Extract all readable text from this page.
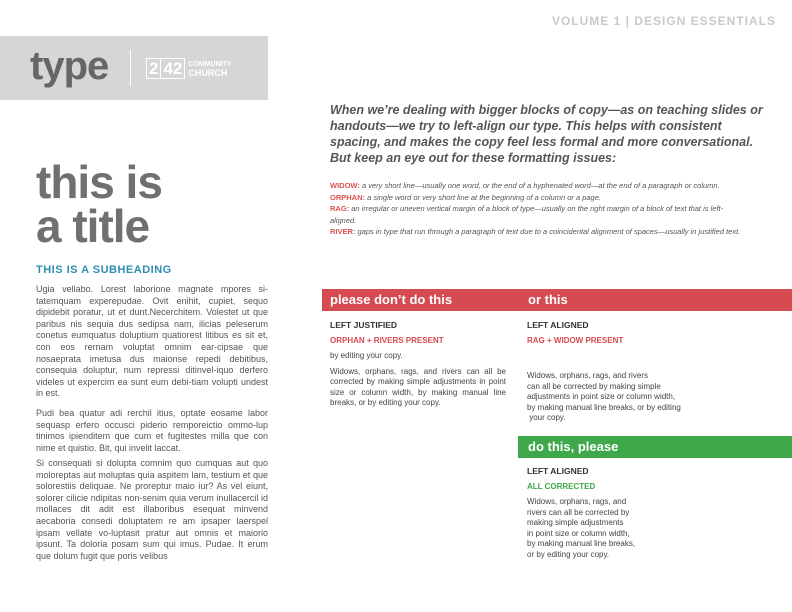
VOLUME 1 | DESIGN ESSENTIALS
type 2 42 COMMUNITY
CHURCH
this is
a title
THIS IS A SUBHEADING

Ugia vellabo. Lorest laborione magnate mpores si-tatemquam experepudae. Ovit enihit, cupiet, sequo dipidebit poratur, ut et dunt.Necerchitem. Volestet ut que paribus nis sequia dus sedipsa nam, ilicias peleserum conetus eumquatus doluptium quatiorest litibus es sit et, con eos rernam voluptat omnim ear-cipsae que nosaeprata imetusa dus maionse repedi debitibus, consequia doluptur, num repressi ditinvel-iquo derfero videles ut expercim ea sunt eum debi-tiam volupti undest in est.

Pudi bea quatur adi rerchil itius, optate eosame labor sequasp erfero occusci piderio remporeictio ommo-lup tinimos ipienditem que cum et fugitestes milla que con nime et quistio. Bit, qui invelit laccat.

Si consequati si dolupta comnim quo cumquas aut quo moloreptas aut moluptas quia aspitem lam, testium et que solorestiis deliquae. Ne proreptur maio iur? As vel eiunt, solorer cilicie ndipitas non-senim quia verum inullacercil id mollaces dit adit est illaboribus esequat minvend aecaboria consedi doluptatem re am ipsaper laerspel ipsam vellate vo-luptasit pratur aut omnis et maiorio ipsunt. Ta doloria posam sum qui imus. Pudae. It erum que dolum fugit que poris velibus

When we’re dealing with bigger blocks of copy—as on teaching slides or handouts—we try to left-align our type. This helps with consistent spacing, and makes the copy feel less formal and more conversational. But keep an eye out for these formatting issues:

WIDOW: a very short line—usually one word, or the end of a hyphenated word—at the end of a paragraph or column.

ORPHAN: a single word or very short line at the beginning of a column or a page.

RAG: an irregular or uneven vertical margin of a block of type—usually on the right margin of a block of text that is left-aligned.

RIVER: gaps in type that run through a paragraph of text due to a coincidental alignment of spaces—usually in justified text.

please don’t do this	or this
LEFT JUSTIFIED
ORPHAN + RIVERS PRESENT
by editing your copy.
Widows, orphans, rags, and rivers can all be corrected by making simple adjustments in point size or column width, by making manual line breaks, or by editing your copy.
LEFT ALIGNED
RAG + WIDOW PRESENT

Widows, orphans, rags, and rivers
can all be corrected by making simple
adjustments in point size or column width,
by making manual line breaks, or by editing
your copy.

do this, please
LEFT ALIGNED
ALL CORRECTED
Widows, orphans, rags, and
rivers can all be corrected by
making simple adjustments
in point size or column width,
by making manual line breaks,
or by editing your copy.
